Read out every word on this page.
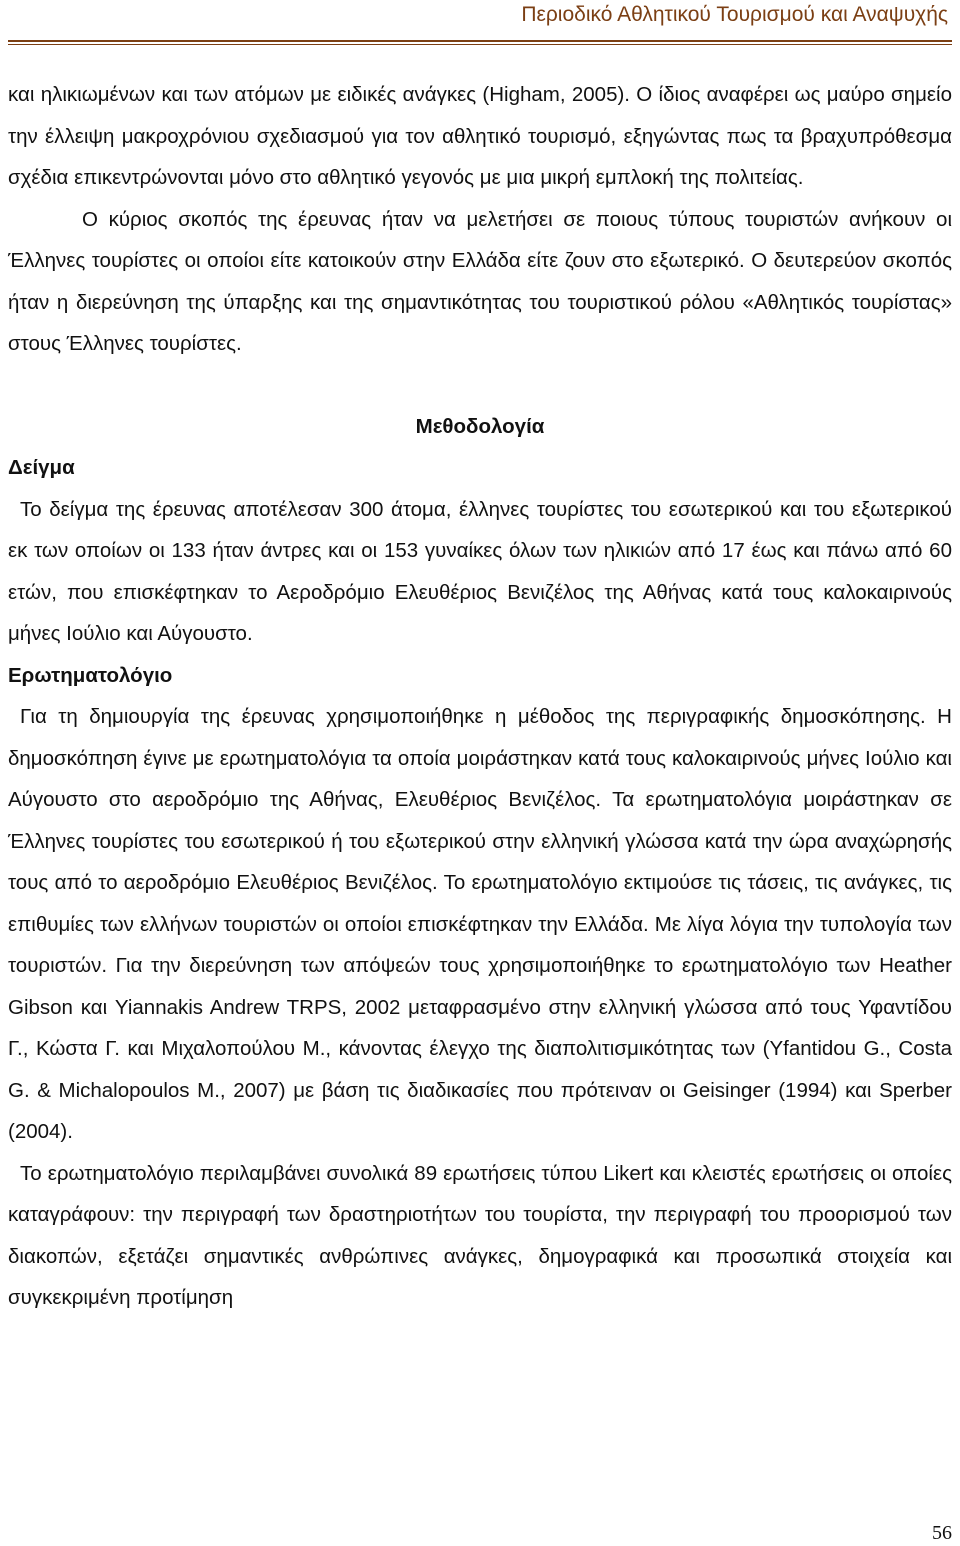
Περιοδικό Αθλητικού Τουρισμού και Αναψυχής

και ηλικιωμένων και των ατόμων με ειδικές ανάγκες (Higham, 2005). Ο ίδιος αναφέρει ως μαύρο σημείο την έλλειψη μακροχρόνιου σχεδιασμού για τον αθλητικό τουρισμό, εξηγώντας πως τα βραχυπρόθεσμα σχέδια επικεντρώνονται μόνο στο αθλητικό γεγονός με μια μικρή εμπλοκή της πολιτείας.

Ο κύριος σκοπός της έρευνας ήταν να μελετήσει σε ποιους τύπους τουριστών ανήκουν οι Έλληνες τουρίστες οι οποίοι είτε κατοικούν στην Ελλάδα είτε ζουν στο εξωτερικό. Ο δευτερεύον σκοπός ήταν η διερεύνηση της ύπαρξης και της σημαντικότητας του τουριστικού ρόλου «Αθλητικός τουρίστας» στους Έλληνες τουρίστες.

Μεθοδολογία
Δείγμα

Το δείγμα της έρευνας αποτέλεσαν 300 άτομα, έλληνες τουρίστες του εσωτερικού και του εξωτερικού εκ των οποίων οι 133 ήταν άντρες και οι 153 γυναίκες όλων των ηλικιών από 17 έως και πάνω από 60 ετών, που επισκέφτηκαν το Αεροδρόμιο Ελευθέριος Βενιζέλος της Αθήνας κατά τους καλοκαιρινούς μήνες Ιούλιο και Αύγουστο.

Ερωτηματολόγιο

Για τη δημιουργία της έρευνας χρησιμοποιήθηκε η μέθοδος της περιγραφικής δημοσκόπησης. Η δημοσκόπηση έγινε με ερωτηματολόγια τα οποία μοιράστηκαν κατά τους καλοκαιρινούς μήνες Ιούλιο και Αύγουστο στο αεροδρόμιο της Αθήνας, Ελευθέριος Βενιζέλος. Τα ερωτηματολόγια μοιράστηκαν σε Έλληνες τουρίστες του εσωτερικού ή του εξωτερικού στην ελληνική γλώσσα κατά την ώρα αναχώρησής τους από το αεροδρόμιο Ελευθέριος Βενιζέλος. Το ερωτηματολόγιο εκτιμούσε τις τάσεις, τις ανάγκες, τις επιθυμίες των ελλήνων τουριστών οι οποίοι επισκέφτηκαν την Ελλάδα. Με λίγα λόγια την τυπολογία των τουριστών. Για την διερεύνηση των απόψεών τους χρησιμοποιήθηκε το ερωτηματολόγιο των Heather Gibson και Yiannakis Andrew TRPS, 2002 μεταφρασμένο στην ελληνική γλώσσα από τους Υφαντίδου Γ., Κώστα Γ. και Μιχαλοπούλου Μ., κάνοντας έλεγχο της διαπολιτισμικότητας των (Yfantidou G., Costa G. & Michalopoulos M., 2007) με βάση τις διαδικασίες που πρότειναν οι Geisinger (1994) και Sperber (2004).

Το ερωτηματολόγιο περιλαμβάνει συνολικά 89 ερωτήσεις τύπου Likert και κλειστές ερωτήσεις οι οποίες καταγράφουν: την περιγραφή των δραστηριοτήτων του τουρίστα, την περιγραφή του προορισμού των διακοπών, εξετάζει σημαντικές ανθρώπινες ανάγκες, δημογραφικά και προσωπικά στοιχεία και συγκεκριμένη προτίμηση

56
